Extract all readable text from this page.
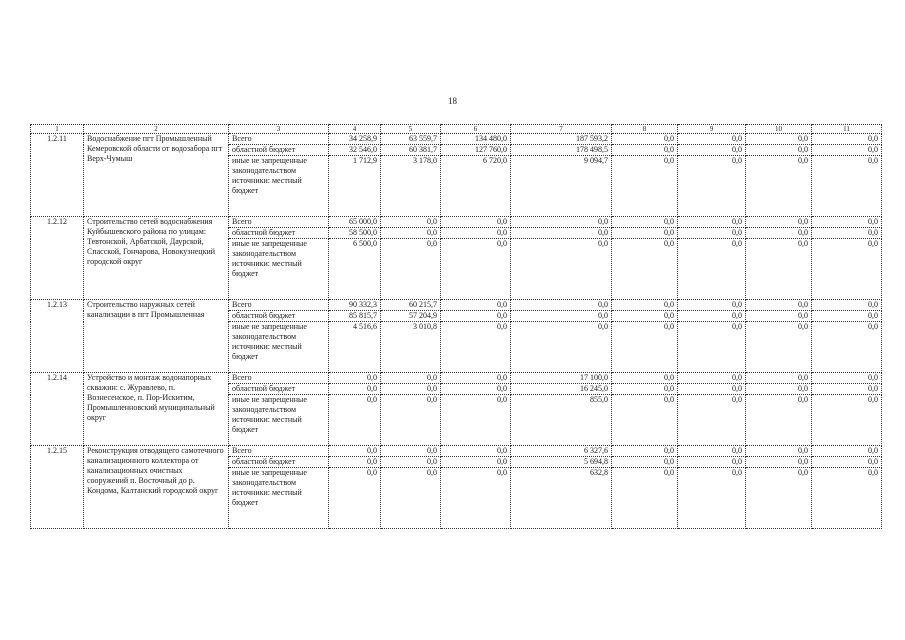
18
1	2	3	4	5	6	7	8	9	10	11
1.2.11	Водоснабжение пгт Промышленный Кемеровской области от водозабора пгт Верх-Чумыш	Всего	34 258,9	63 559,7	134 480,0	187 593,2	0,0	0,0	0,0	0,0
		областной бюджет	32 546,0	60 381,7	127 760,0	178 498,5	0,0	0,0	0,0	0,0
		иные не запрещенные законодательством источники: местный бюджет	1 712,9	3 178,0	6 720,0	9 094,7	0,0	0,0	0,0	0,0
1.2.12	Строительство сетей водоснабжения Куйбышевского района по улицам: Тевтонской, Арбатской, Даурской, Спасской, Гончарова, Новокузнецкий городской округ	Всего	65 000,0	0,0	0,0	0,0	0,0	0,0	0,0	0,0
		областной бюджет	58 500,0	0,0	0,0	0,0	0,0	0,0	0,0	0,0
		иные не запрещенные законодательством источники: местный бюджет	6 500,0	0,0	0,0	0,0	0,0	0,0	0,0	0,0
1.2.13	Строительство наружных сетей канализации в пгт Промышленная	Всего	90 332,3	60 215,7	0,0	0,0	0,0	0,0	0,0	0,0
		областной бюджет	85 815,7	57 204,9	0,0	0,0	0,0	0,0	0,0	0,0
		иные не запрещенные законодательством источники: местный бюджет	4 516,6	3 010,8	0,0	0,0	0,0	0,0	0,0	0,0
1.2.14	Устройство и монтаж водонапорных скважин: с. Журавлево, п. Вознесенское, п. Пор-Искитим, Промышленновский муниципальный округ	Всего	0,0	0,0	0,0	17 100,0	0,0	0,0	0,0	0,0
		областной бюджет	0,0	0,0	0,0	16 245,0	0,0	0,0	0,0	0,0
		иные не запрещенные законодательством источники: местный бюджет	0,0	0,0	0,0	855,0	0,0	0,0	0,0	0,0
1.2.15	Реконструкция отводящего самотечного канализационного коллектора от канализационных очистных сооружений п. Восточный до р. Кондома, Калтанский городской округ	Всего	0,0	0,0	0,0	6 327,6	0,0	0,0	0,0	0,0
		областной бюджет	0,0	0,0	0,0	5 694,8	0,0	0,0	0,0	0,0
		иные не запрещенные законодательством источники: местный бюджет	0,0	0,0	0,0	632,8	0,0	0,0	0,0	0,0
